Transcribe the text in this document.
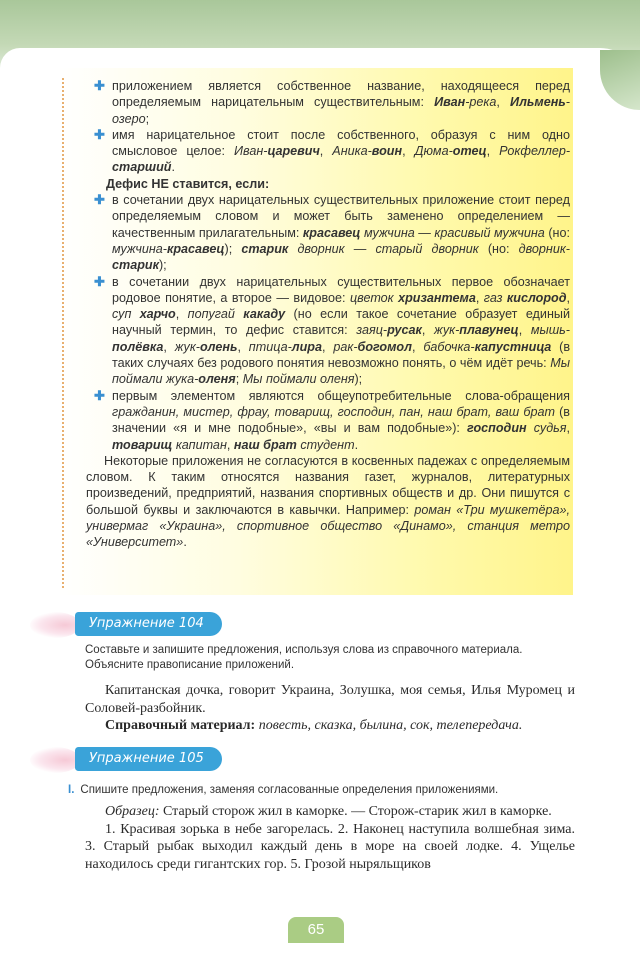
✚ приложением является собственное название, находящееся перед определяемым нарицательным существительным: Иван-река, Ильмень-озеро;

✚ имя нарицательное стоит после собственного, образуя с ним одно смысловое целое: Иван-царевич, Аника-воин, Дюма-отец, Рокфеллер-старший.

Дефис НЕ ставится, если:

✚ в сочетании двух нарицательных существительных приложение стоит перед определяемым словом и может быть заменено определением — качественным прилагательным: красавец мужчина — красивый мужчина (но: мужчина-красавец); старик дворник — старый дворник (но: дворник-старик);

✚ в сочетании двух нарицательных существительных первое обозначает родовое понятие, а второе — видовое: цветок хризантема, газ кислород, суп харчо, попугай какаду (но если такое сочетание образует единый научный термин, то дефис ставится: заяц-русак, жук-плавунец, мышь-полёвка, жук-олень, птица-лира, рак-богомол, бабочка-капустница (в таких случаях без родового понятия невозможно понять, о чём идёт речь: Мы поймали жука-оленя; Мы поймали оленя);

✚ первым элементом являются общеупотребительные слова-обращения гражданин, мистер, фрау, товарищ, господин, пан, наш брат, ваш брат (в значении «я и мне подобные», «вы и вам подобные»): господин судья, товарищ капитан, наш брат студент.

Некоторые приложения не согласуются в косвенных падежах с определяемым словом. К таким относятся названия газет, журналов, литературных произведений, предприятий, названия спортивных обществ и др. Они пишутся с большой буквы и заключаются в кавычки. Например: роман «Три мушкетёра», универмаг «Украина», спортивное общество «Динамо», станция метро «Университет».

Упражнение 104
Составьте и запишите предложения, используя слова из справочного материала. Объясните правописание приложений.

Капитанская дочка, говорит Украина, Золушка, моя семья, Илья Муромец и Соловей-разбойник.

Справочный материал: повесть, сказка, былина, сок, телепередача.

Упражнение 105
I. Спишите предложения, заменяя согласованные определения приложениями.

Образец: Старый сторож жил в каморке. — Сторож-старик жил в каморке.

1. Красивая зорька в небе загорелась. 2. Наконец наступила волшебная зима. 3. Старый рыбак выходил каждый день в море на своей лодке. 4. Ущелье находилось среди гигантских гор. 5. Грозой ныряльщиков

65
